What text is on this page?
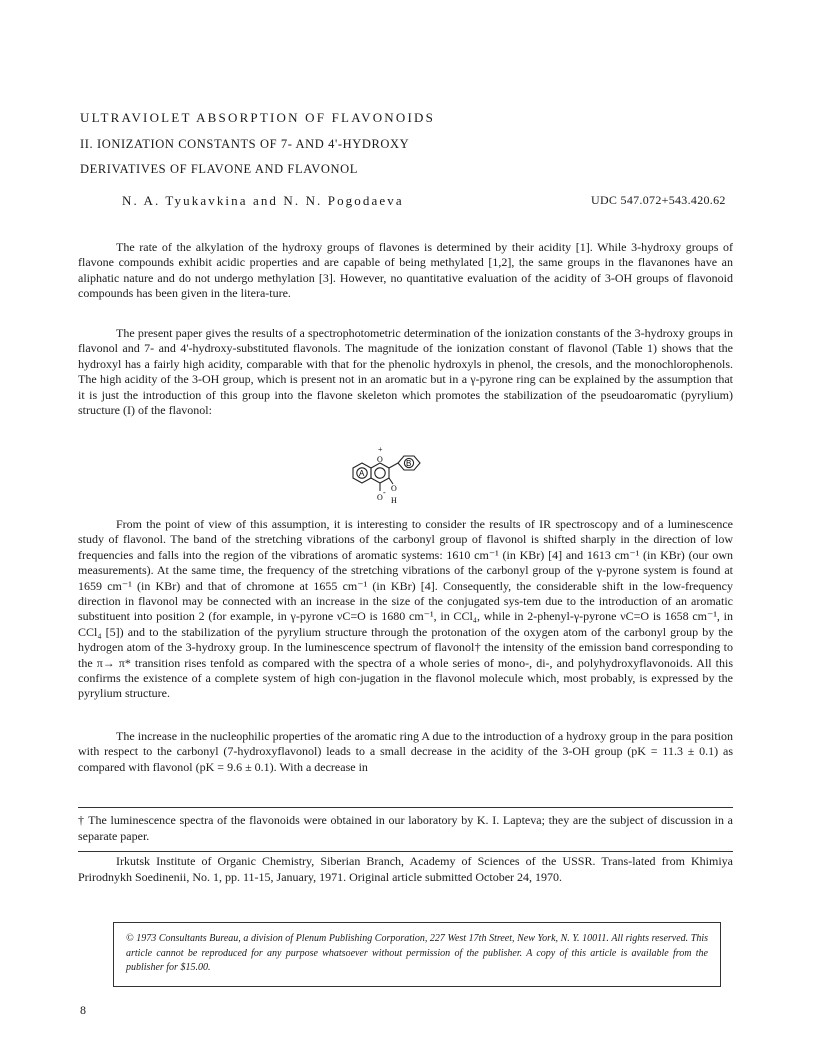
ULTRAVIOLET ABSORPTION OF FLAVONOIDS
II. IONIZATION CONSTANTS OF 7- AND 4'-HYDROXY
DERIVATIVES OF FLAVONE AND FLAVONOL
N. A. Tyukavkina and N. N. Pogodaeva	UDC 547.072+543.420.62

The rate of the alkylation of the hydroxy groups of flavones is determined by their acidity [1]. While 3-hydroxy groups of flavone compounds exhibit acidic properties and are capable of being methylated [1,2], the same groups in the flavanones have an aliphatic nature and do not undergo methylation [3]. However, no quantitative evaluation of the acidity of 3-OH groups of flavonoid compounds has been given in the litera-ture.

The present paper gives the results of a spectrophotometric determination of the ionization constants of the 3-hydroxy groups in flavonol and 7- and 4'-hydroxy-substituted flavonols. The magnitude of the ionization constant of flavonol (Table 1) shows that the hydroxyl has a fairly high acidity, comparable with that for the phenolic hydroxyls in phenol, the cresols, and the monochlorophenols. The high acidity of the 3-OH group, which is present not in an aromatic but in a γ-pyrone ring can be explained by the assumption that it is just the introduction of this group into the flavone skeleton which promotes the stabilization of the pseudoaromatic (pyrylium) structure (I) of the flavonol:

A
B
O
+
O
- O
H

From the point of view of this assumption, it is interesting to consider the results of IR spectroscopy and of a luminescence study of flavonol. The band of the stretching vibrations of the carbonyl group of flavonol is shifted sharply in the direction of low frequencies and falls into the region of the vibrations of aromatic systems: 1610 cm⁻¹ (in KBr) [4] and 1613 cm⁻¹ (in KBr) (our own measurements). At the same time, the frequency of the stretching vibrations of the carbonyl group of the γ-pyrone system is found at 1659 cm⁻¹ (in KBr) and that of chromone at 1655 cm⁻¹ (in KBr) [4]. Consequently, the considerable shift in the low-frequency direction in flavonol may be connected with an increase in the size of the conjugated sys-tem due to the introduction of an aromatic substituent into position 2 (for example, in γ-pyrone νC=O is 1680 cm⁻¹, in CCl₄, while in 2-phenyl-γ-pyrone νC=O is 1658 cm⁻¹, in CCl₄ [5]) and to the stabilization of the pyrylium structure through the protonation of the oxygen atom of the carbonyl group by the hydrogen atom of the 3-hydroxy group. In the luminescence spectrum of flavonol† the intensity of the emission band corresponding to the π→ π* transition rises tenfold as compared with the spectra of a whole series of mono-, di-, and polyhydroxyflavonoids. All this confirms the existence of a complete system of high con-jugation in the flavonol molecule which, most probably, is expressed by the pyrylium structure.

The increase in the nucleophilic properties of the aromatic ring A due to the introduction of a hydroxy group in the para position with respect to the carbonyl (7-hydroxyflavonol) leads to a small decrease in the acidity of the 3-OH group (pK = 11.3 ± 0.1) as compared with flavonol (pK = 9.6 ± 0.1). With a decrease in

† The luminescence spectra of the flavonoids were obtained in our laboratory by K. I. Lapteva; they are the subject of discussion in a separate paper.
Irkutsk Institute of Organic Chemistry, Siberian Branch, Academy of Sciences of the USSR. Trans-lated from Khimiya Prirodnykh Soedinenii, No. 1, pp. 11-15, January, 1971. Original article submitted October 24, 1970.
© 1973 Consultants Bureau, a division of Plenum Publishing Corporation, 227 West 17th Street, New York, N. Y. 10011. All rights reserved. This article cannot be reproduced for any purpose whatsoever without permission of the publisher. A copy of this article is available from the publisher for $15.00.
8
